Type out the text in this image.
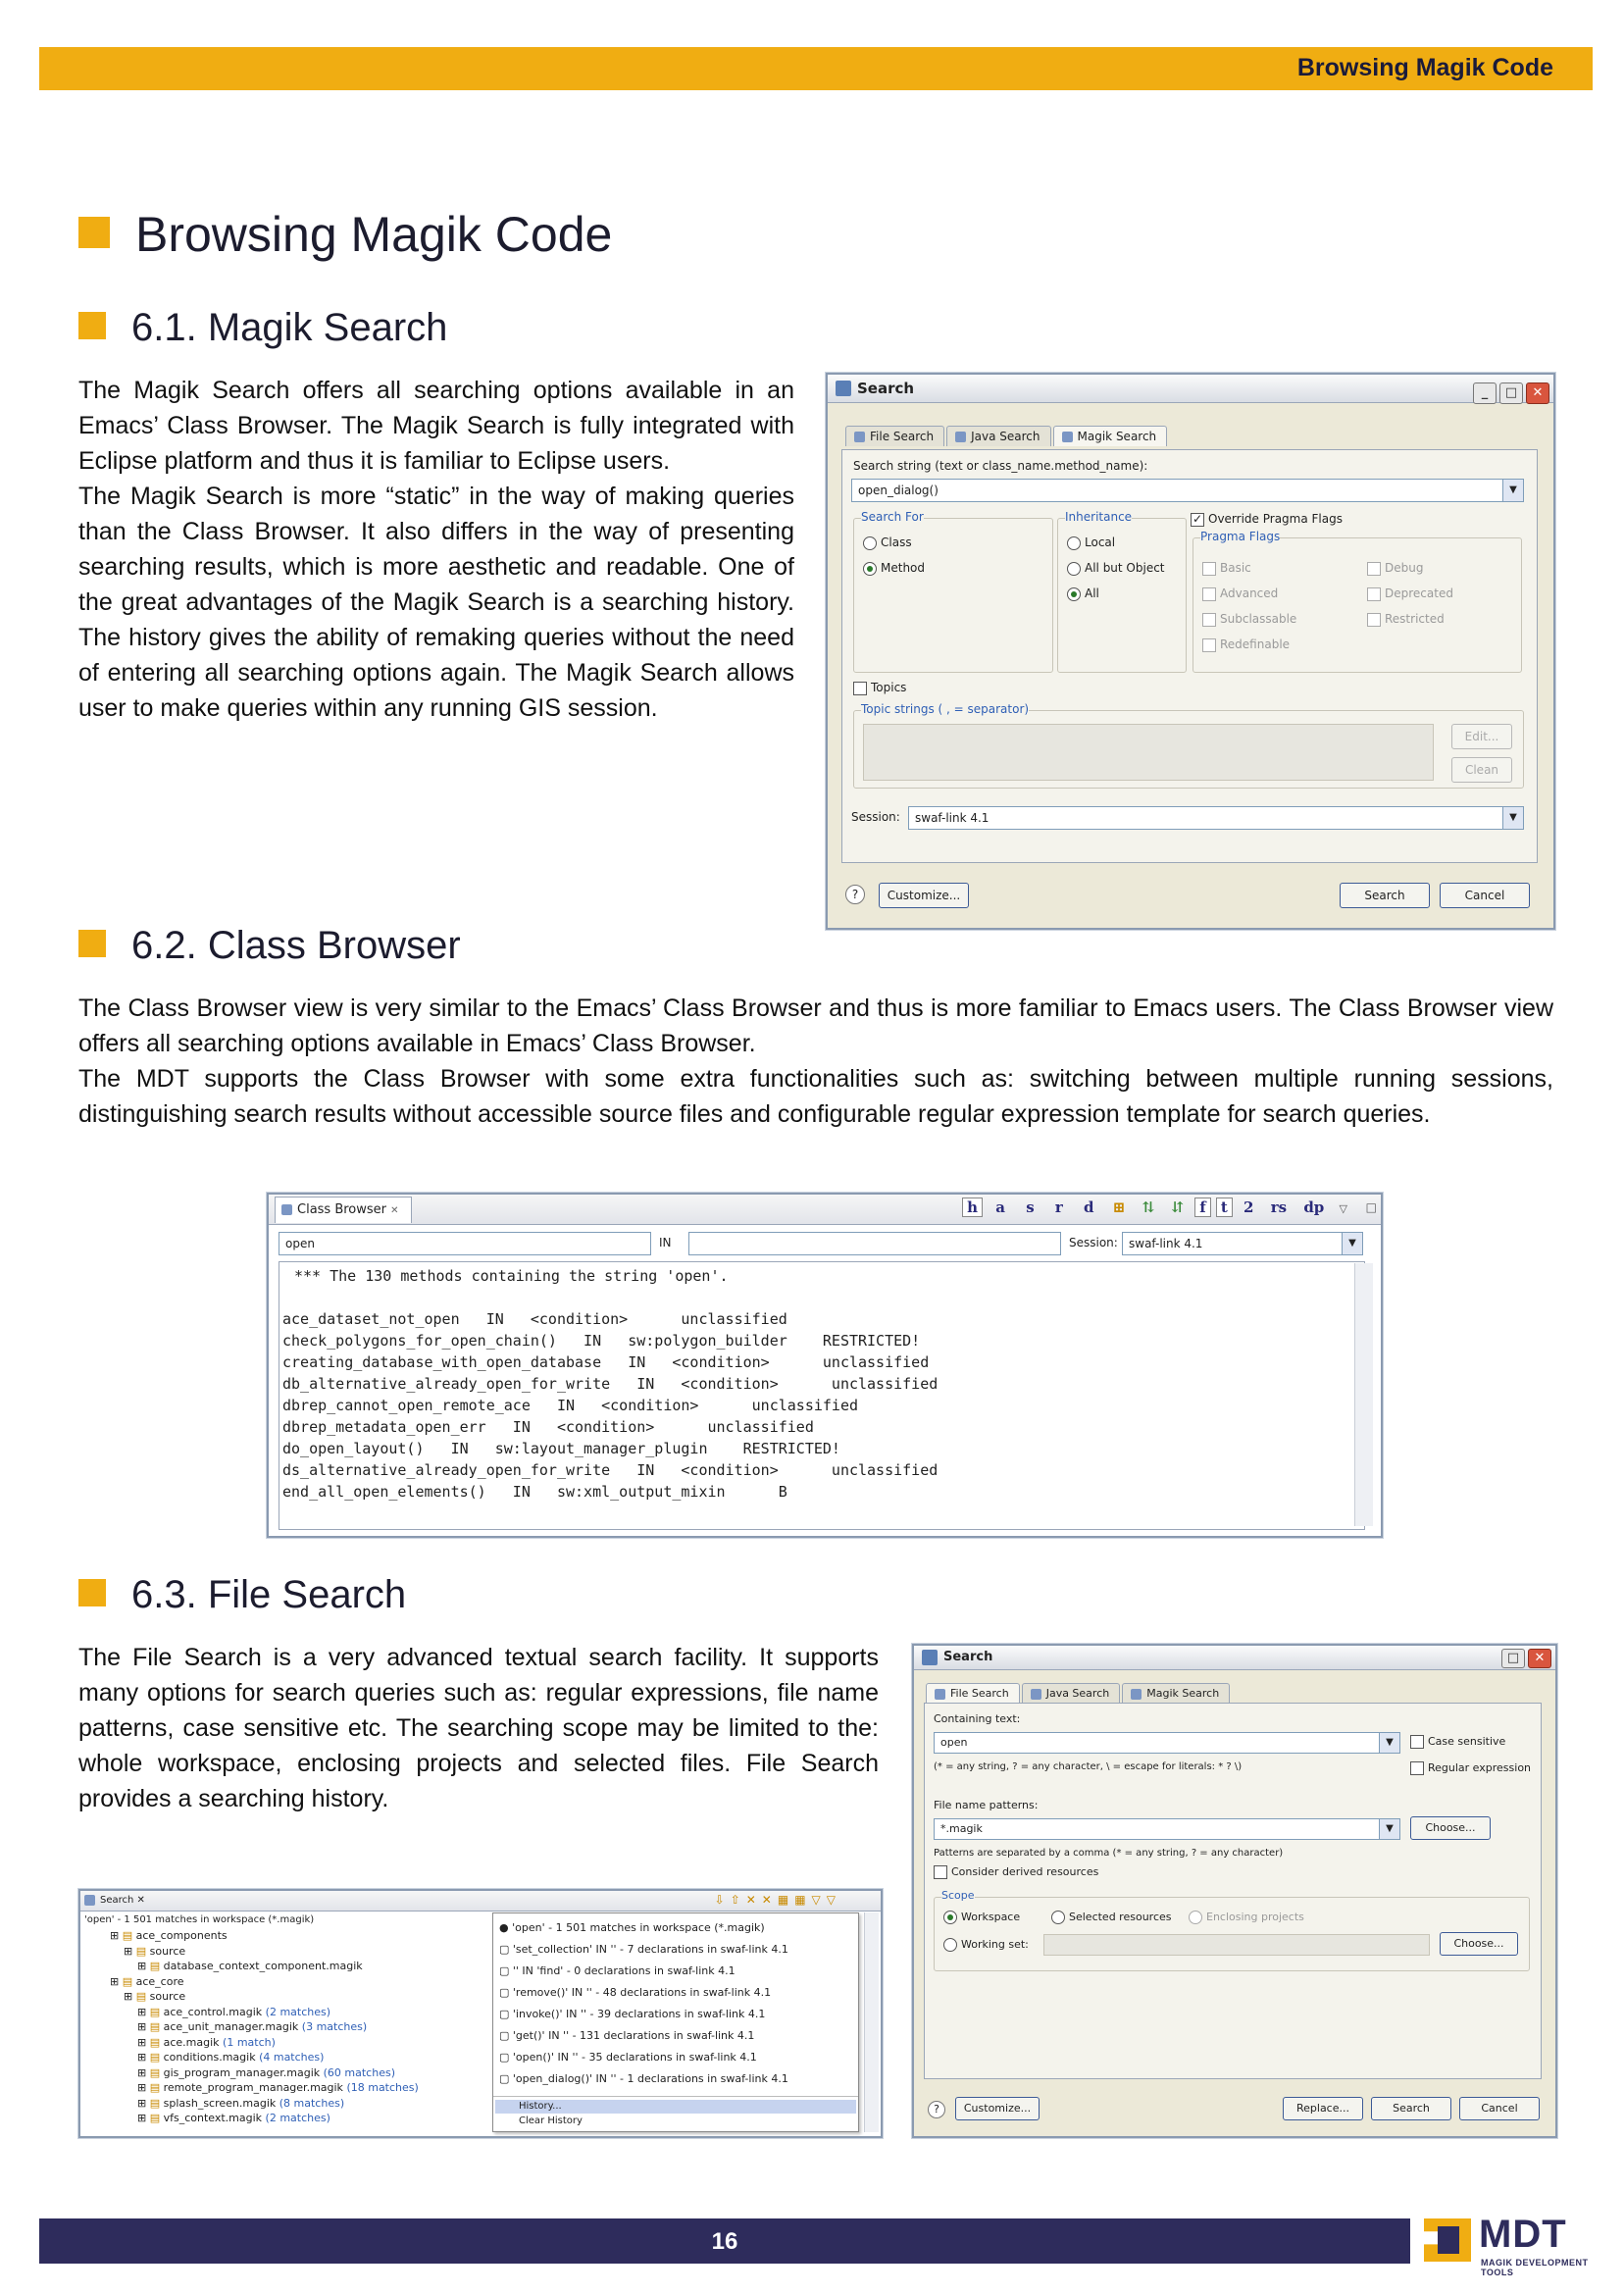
Browsing Magik Code
Browsing Magik Code
6.1. Magik Search

The Magik Search offers all searching options available in an Emacs’ Class Browser. The Magik Search is fully integrated with Eclipse platform and thus it is familiar to Eclipse users.

The Magik Search is more “static” in the way of making queries than the Class Browser. It also differs in the way of presenting searching results, which is more aesthetic and readable. One of the great advantages of the Magik Search is a searching history. The history gives the ability of remaking queries without the need of entering all searching options again. The Magik Search allows user to make queries within any running GIS session.

Search	_ □ ✕
File Search	Java Search	Magik Search
Search string (text or class_name.method_name):
open_dialog()	▼
Search For
Class
Method
Inheritance
Local
All but Object
All
✓ Override Pragma Flags
Pragma Flags
Basic
Advanced
Subclassable
Redefinable
Debug
Deprecated
Restricted
Topics
Topic strings ( , = separator)
Edit...
Clean
Session:	swaf-link 4.1	▼
?	Customize...	Search	Cancel
6.2. Class Browser

The Class Browser view is very similar to the Emacs’ Class Browser and thus is more familiar to Emacs users. The Class Browser view offers all searching options available in Emacs’ Class Browser.

The MDT supports the Class Browser with some extra functionalities such as: switching between multiple running sessions, distinguishing search results without accessible source files and configurable regular expression template for search queries.

Class Browser ✕	h a s r d ⊞ ⇅ ⇵ f t 2 rs dp ▽	□
open	IN	Session: swaf-link 4.1	▼
*** The 130 methods containing the string 'open'.
ace_dataset_not_open   IN   <condition>      unclassified
check_polygons_for_open_chain()   IN   sw:polygon_builder    RESTRICTED!
creating_database_with_open_database   IN   <condition>      unclassified
db_alternative_already_open_for_write   IN   <condition>      unclassified
dbrep_cannot_open_remote_ace   IN   <condition>      unclassified
dbrep_metadata_open_err   IN   <condition>      unclassified
do_open_layout()   IN   sw:layout_manager_plugin    RESTRICTED!
ds_alternative_already_open_for_write   IN   <condition>      unclassified
end_all_open_elements()   IN   sw:xml_output_mixin      B
6.3. File Search

The File Search is a very advanced textual search facility. It supports many options for search queries such as: regular expressions, file name patterns, case sensitive etc. The searching scope may be limited to the: whole workspace, enclosing projects and selected files. File Search provides a searching history.

Search ✕	⇩⇧✕✕▦▦▽▽
'open' - 1 501 matches in workspace (*.magik)
⊞ ▤ ace_components
⊞ ▤ source
⊞ ▤ database_context_component.magik
⊞ ▤ ace_core
⊞ ▤ source
⊞ ▤ ace_control.magik (2 matches)
⊞ ▤ ace_unit_manager.magik (3 matches)
⊞ ▤ ace.magik (1 match)
⊞ ▤ conditions.magik (4 matches)
⊞ ▤ gis_program_manager.magik (60 matches)
⊞ ▤ remote_program_manager.magik (18 matches)
⊞ ▤ splash_screen.magik (8 matches)
⊞ ▤ vfs_context.magik (2 matches)
● 'open' - 1 501 matches in workspace (*.magik)
▢ 'set_collection' IN '' - 7 declarations in swaf-link 4.1
▢ '' IN 'find' - 0 declarations in swaf-link 4.1
▢ 'remove()' IN '' - 48 declarations in swaf-link 4.1
▢ 'invoke()' IN '' - 39 declarations in swaf-link 4.1
▢ 'get()' IN '' - 131 declarations in swaf-link 4.1
▢ 'open()' IN '' - 35 declarations in swaf-link 4.1
▢ 'open_dialog()' IN '' - 1 declarations in swaf-link 4.1
History...
Clear History
Search	□ ✕
File Search	Java Search	Magik Search
Containing text:
open	▼	Case sensitive
(* = any string, ? = any character, \ = escape for literals: * ? \)	Regular expression
File name patterns:
*.magik	▼	Choose...
Patterns are separated by a comma (* = any string, ? = any character)
Consider derived resources
Scope
Workspace	Selected resources	Enclosing projects
Working set:	Choose...
?	Customize...	Replace...	Search	Cancel
16	MDT
MAGIK DEVELOPMENT TOOLS
